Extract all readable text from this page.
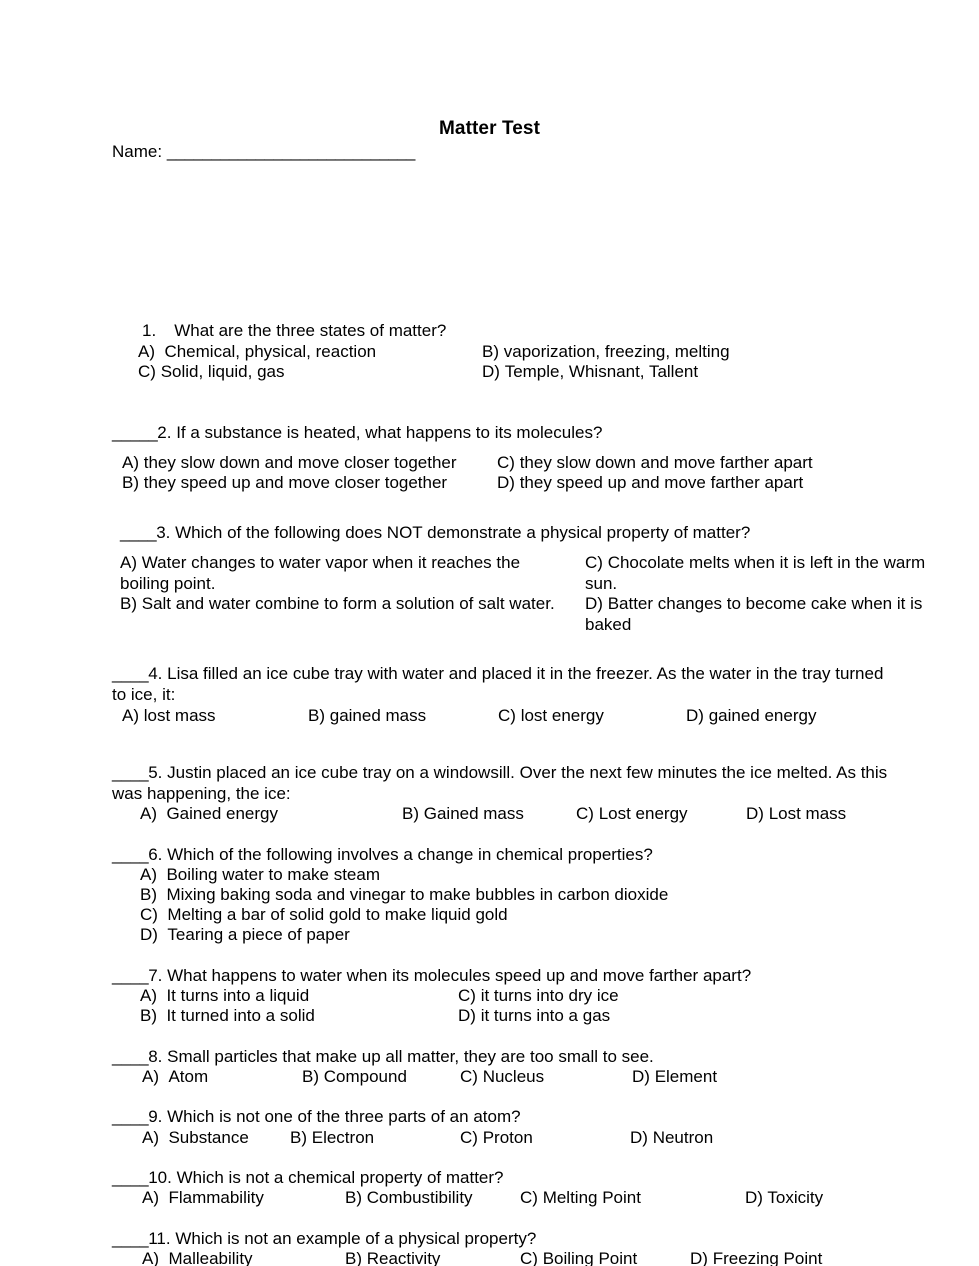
Matter Test
Name: ____________________________
1. What are the three states of matter?
A) Chemical, physical, reaction	B) vaporization, freezing, melting
C) Solid, liquid, gas	D) Temple, Whisnant, Tallent
_____2. If a substance is heated, what happens to its molecules?
A) they slow down and move closer together
B) they speed up and move closer together
C) they slow down and move farther apart
D) they speed up and move farther apart
____3. Which of the following does NOT demonstrate a physical property of matter?
A) Water changes to water vapor when it reaches the boiling point.
B) Salt and water combine to form a solution of salt water.
C) Chocolate melts when it is left in the warm sun.
D) Batter changes to become cake when it is baked
____4. Lisa filled an ice cube tray with water and placed it in the freezer. As the water in the tray turned to ice, it:
A) lost mass	B) gained mass	C) lost energy	D) gained energy
____5. Justin placed an ice cube tray on a windowsill. Over the next few minutes the ice melted. As this was happening, the ice:
A) Gained energy	B) Gained mass	C) Lost energy	D) Lost mass
____6. Which of the following involves a change in chemical properties?
A) Boiling water to make steam
B) Mixing baking soda and vinegar to make bubbles in carbon dioxide
C) Melting a bar of solid gold to make liquid gold
D) Tearing a piece of paper
____7. What happens to water when its molecules speed up and move farther apart?
A) It turns into a liquid
B) It turned into a solid
C) it turns into dry ice
D) it turns into a gas
____8. Small particles that make up all matter, they are too small to see.
A) Atom	B) Compound	C) Nucleus	D) Element
____9. Which is not one of the three parts of an atom?
A) Substance B) Electron	C) Proton	D) Neutron
____10. Which is not a chemical property of matter?
A) Flammability	B) Combustibility	C) Melting Point	D) Toxicity
____11. Which is not an example of a physical property?
A) Malleability	B) Reactivity	C) Boiling Point	D) Freezing Point
